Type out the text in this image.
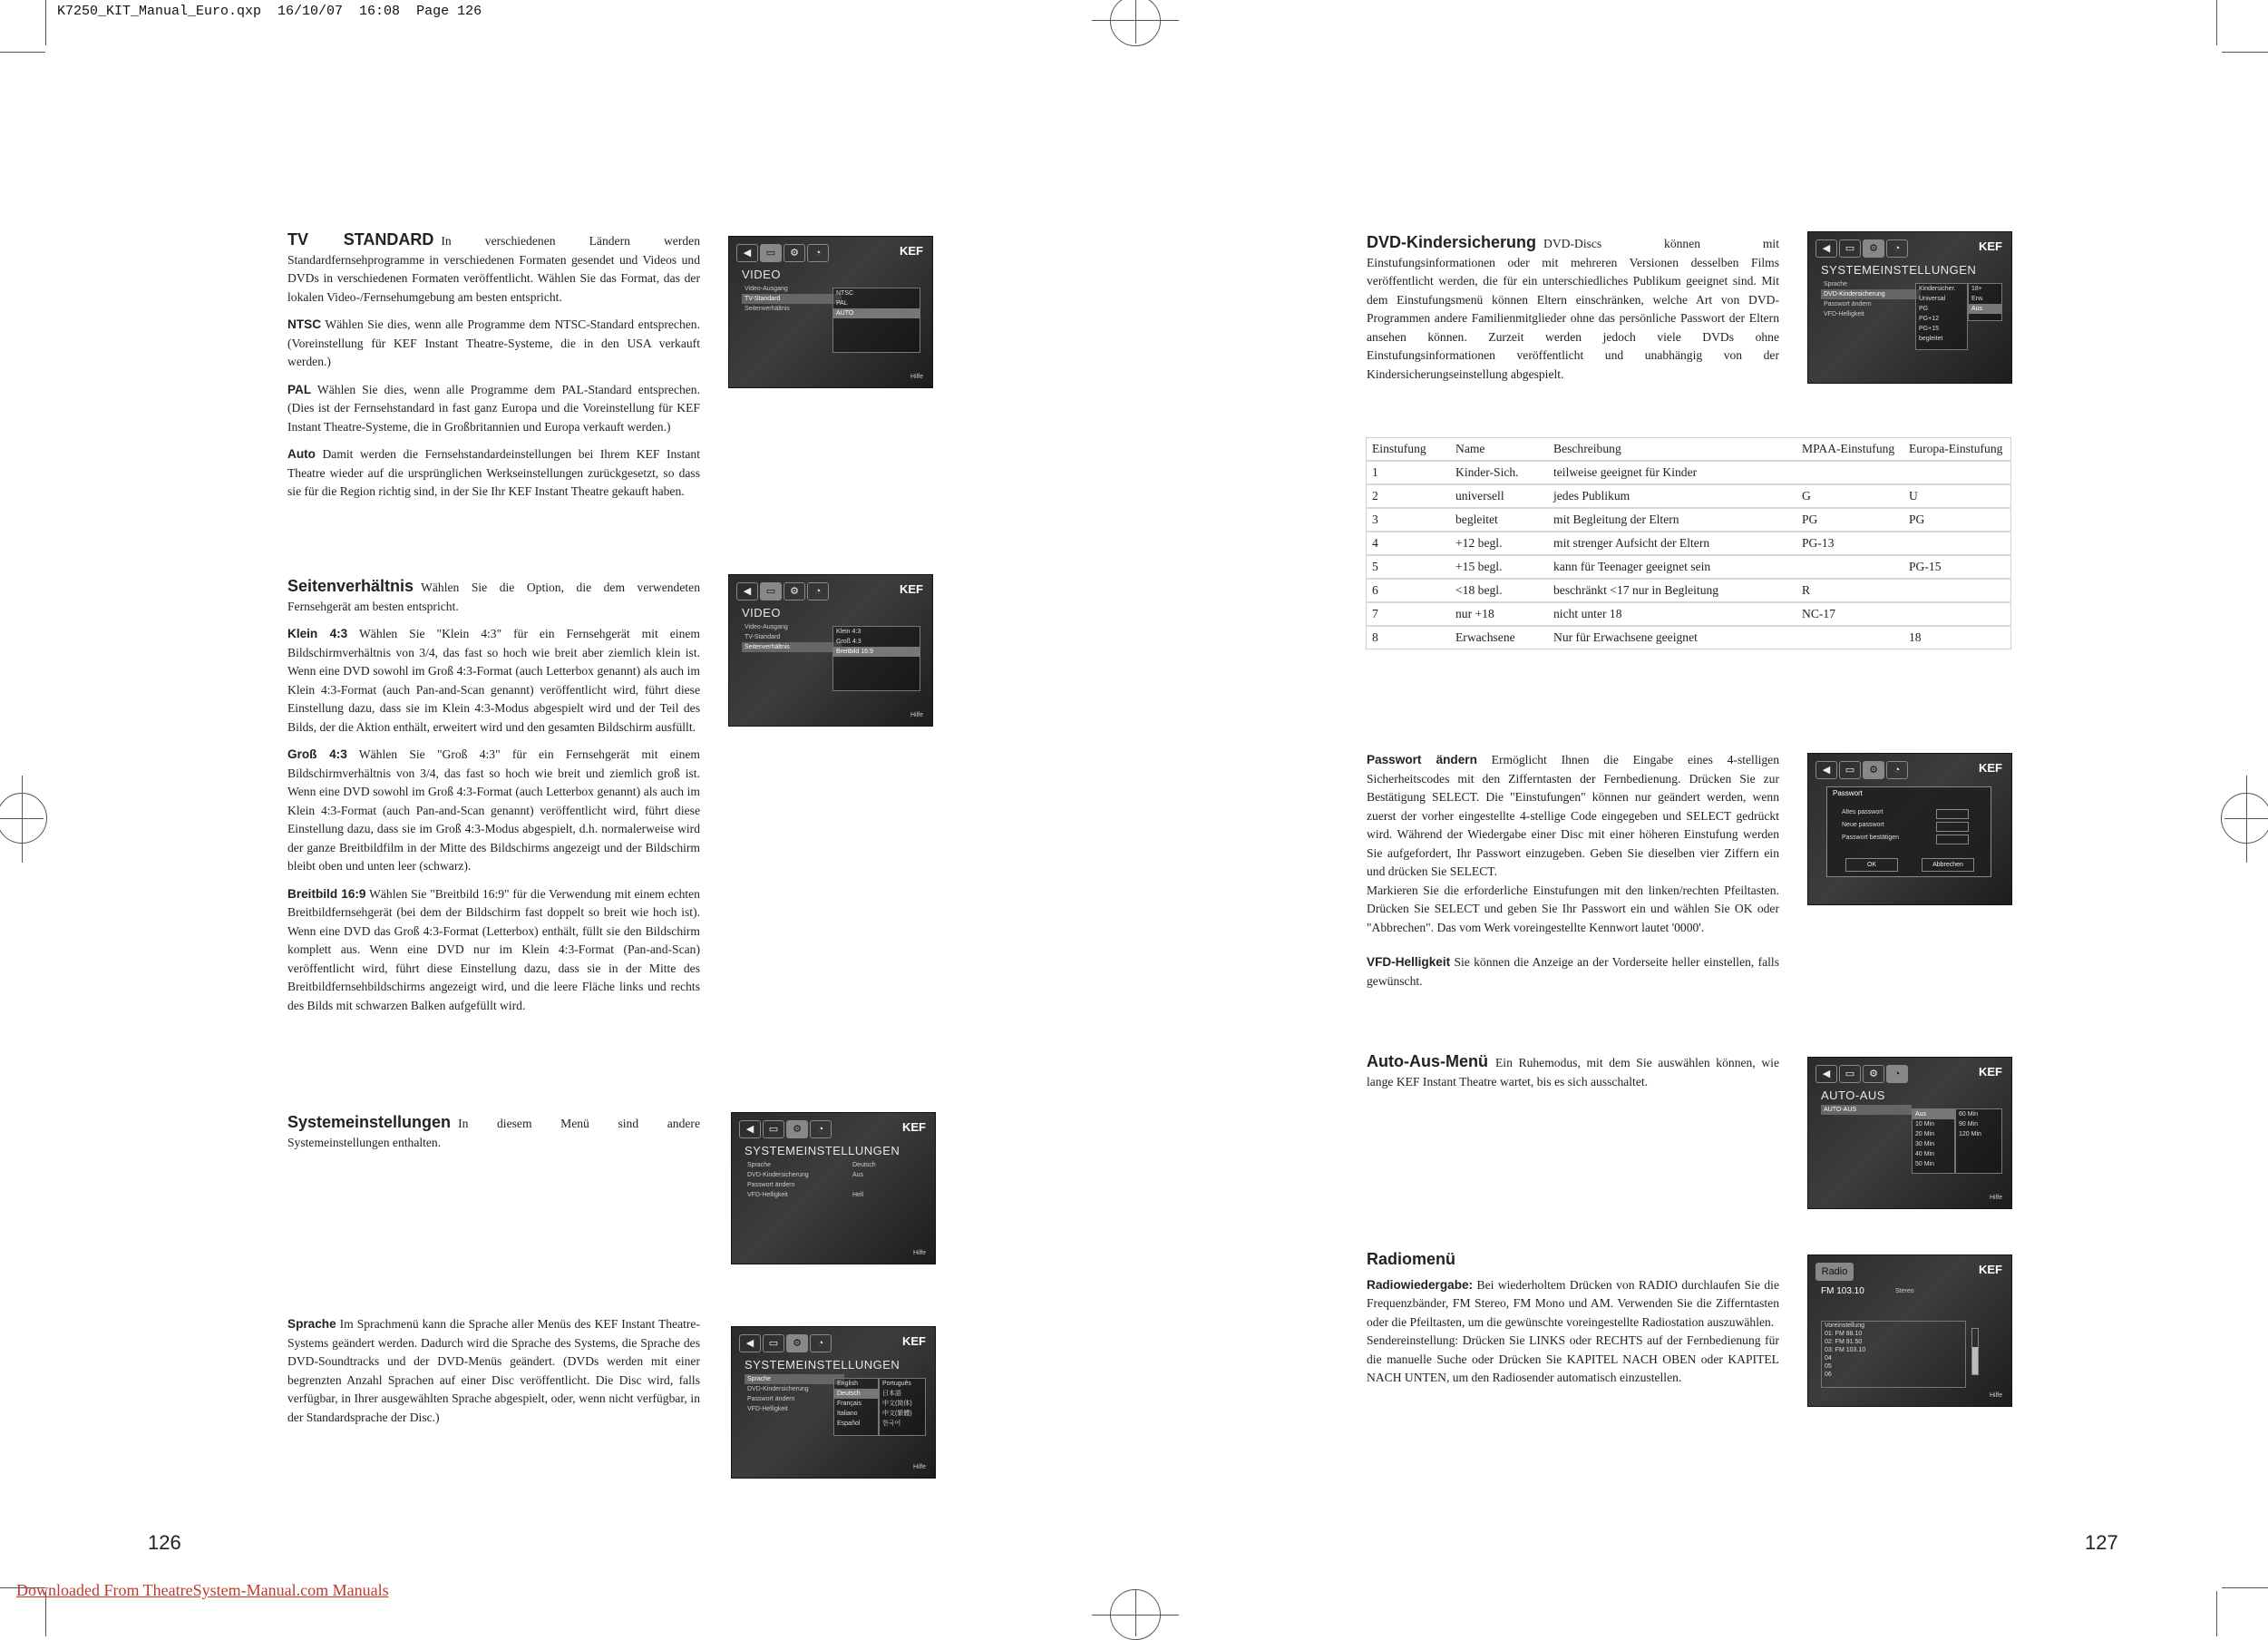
K7250_KIT_Manual_Euro.qxp  16/10/07  16:08  Page 126

TV STANDARD In verschiedenen Ländern werden Standardfernsehprogramme in verschiedenen Formaten gesendet und Videos und DVDs in verschiedenen Formaten veröffentlicht. Wählen Sie das Format, das der lokalen Video-/Fernsehumgebung am besten entspricht.

NTSC Wählen Sie dies, wenn alle Programme dem NTSC-Standard entsprechen. (Voreinstellung für KEF Instant Theatre-Systeme, die in den USA verkauft werden.)

PAL Wählen Sie dies, wenn alle Programme dem PAL-Standard entsprechen. (Dies ist der Fernsehstandard in fast ganz Europa und die Voreinstellung für KEF Instant Theatre-Systeme, die in Großbritannien und Europa verkauft werden.)

Auto Damit werden die Fernsehstandardeinstellungen bei Ihrem KEF Instant Theatre wieder auf die ursprünglichen Werkseinstellungen zurückgesetzt, so dass sie für die Region richtig sind, in der Sie Ihr KEF Instant Theatre gekauft haben.

Seitenverhältnis Wählen Sie die Option, die dem verwendeten Fernsehgerät am besten entspricht.

Klein 4:3 Wählen Sie "Klein 4:3" für ein Fernsehgerät mit einem Bildschirmverhältnis von 3/4, das fast so hoch wie breit aber ziemlich klein ist. Wenn eine DVD sowohl im Groß 4:3-Format (auch Letterbox genannt) als auch im Klein 4:3-Format (auch Pan-and-Scan genannt) veröffentlicht wird, führt diese Einstellung dazu, dass sie im Klein 4:3-Modus abgespielt wird und der Teil des Bilds, der die Aktion enthält, erweitert wird und den gesamten Bildschirm ausfüllt.

Groß 4:3 Wählen Sie "Groß 4:3" für ein Fernsehgerät mit einem Bildschirmverhältnis von 3/4, das fast so hoch wie breit und ziemlich groß ist. Wenn eine DVD sowohl im Groß 4:3-Format (auch Letterbox genannt) als auch im Klein 4:3-Format (auch Pan-and-Scan genannt) veröffentlicht wird, führt diese Einstellung dazu, dass sie im Groß 4:3-Modus abgespielt, d.h. normalerweise wird der ganze Breitbildfilm in der Mitte des Bildschirms angezeigt und der Bildschirm bleibt oben und unten leer (schwarz).

Breitbild 16:9 Wählen Sie "Breitbild 16:9" für die Verwendung mit einem echten Breitbildfernsehgerät (bei dem der Bildschirm fast doppelt so breit wie hoch ist). Wenn eine DVD das Groß 4:3-Format (Letterbox) enthält, füllt sie den Bildschirm komplett aus. Wenn eine DVD nur im Klein 4:3-Format (Pan-and-Scan) veröffentlicht wird, führt diese Einstellung dazu, dass sie in der Mitte des Breitbildfernsehbildschirms angezeigt wird, und die leere Fläche links und rechts des Bilds mit schwarzen Balken aufgefüllt wird.

Systemeinstellungen In diesem Menü sind andere Systemeinstellungen enthalten.

Sprache Im Sprachmenü kann die Sprache aller Menüs des KEF Instant Theatre-Systems geändert werden. Dadurch wird die Sprache des Systems, die Sprache des DVD-Soundtracks und der DVD-Menüs geändert. (DVDs werden mit einer begrenzten Anzahl Sprachen auf einer Disc veröffentlicht. Die Disc wird, falls verfügbar, in Ihrer ausgewählten Sprache abgespielt, oder, wenn nicht verfügbar, in der Standardsprache der Disc.)

◀	▭	⚙	◔	KEF
VIDEO
Video-Ausgang
TV-Standard
Seitenverhältnis
NTSC
PAL
AUTO
Hilfe
◀	▭	⚙	◔	KEF
VIDEO
Video-Ausgang
TV-Standard
Seitenverhältnis
Klein 4:3
Groß 4:3
Breitbild 16:9
Hilfe
◀	▭	⚙	◔	KEF
SYSTEMEINSTELLUNGEN
Sprache
DVD-Kindersicherung
Passwort ändern
VFD-Helligkeit
Deutsch
Aus

Hell
Hilfe
◀	▭	⚙	◔	KEF
SYSTEMEINSTELLUNGEN
Sprache
DVD-Kindersicherung
Passwort ändern
VFD-Helligkeit
English
Deutsch
Français
Italiano
Español
Português
日本語
中文(简体)
中文(繁體)
한국어
Hilfe
126
Downloaded From TheatreSystem-Manual.com Manuals

DVD-Kindersicherung DVD-Discs können mit Einstufungsinformationen oder mit mehreren Versionen desselben Films veröffentlicht werden, die für ein unterschiedliches Publikum geeignet sind. Mit dem Einstufungsmenü können Eltern einschränken, welche Art von DVD-Programmen andere Familienmitglieder ohne das persönliche Passwort der Eltern ansehen können. Zurzeit werden jedoch viele DVDs ohne Einstufungsinformationen veröffentlicht und unabhängig von der Kindersicherungseinstellung abgespielt.

◀	▭	⚙	◔	KEF
SYSTEMEINSTELLUNGEN
Sprache
DVD-Kindersicherung
Passwort ändern
VFD-Helligkeit
Kindersicher.
Universal
PG
PG+12
PG+15
begleitet
18+
Erw.
Aus
Einstufung	Name	Beschreibung	MPAA-Einstufung	Europa-Einstufung
1	Kinder-Sich.	teilweise geeignet für Kinder		
2	universell	jedes Publikum	G	U
3	begleitet	mit Begleitung der Eltern	PG	PG
4	+12 begl.	mit strenger Aufsicht der Eltern	PG-13	
5	+15 begl.	kann für Teenager geeignet sein		PG-15
6	<18 begl.	beschränkt <17 nur in Begleitung	R	
7	nur +18	nicht unter 18	NC-17	
8	Erwachsene	Nur für Erwachsene geeignet		18

Passwort ändern Ermöglicht Ihnen die Eingabe eines 4-stelligen Sicherheitscodes mit den Zifferntasten der Fernbedienung. Drücken Sie zur Bestätigung SELECT. Die "Einstufungen" können nur geändert werden, wenn zuerst der vorher eingestellte 4-stellige Code eingegeben und SELECT gedrückt wird. Während der Wiedergabe einer Disc mit einer höheren Einstufung werden Sie aufgefordert, Ihr Passwort einzugeben. Geben Sie dieselben vier Ziffern ein und drücken Sie SELECT.

Markieren Sie die erforderliche Einstufungen mit den linken/rechten Pfeiltasten. Drücken Sie SELECT und geben Sie Ihr Passwort ein und wählen Sie OK oder "Abbrechen". Das vom Werk voreingestellte Kennwort lautet '0000'.

VFD-Helligkeit Sie können die Anzeige an der Vorderseite heller einstellen, falls gewünscht.

◀	▭	⚙	◔	KEF
Passwort
Altes passwort
Neue passwort
Passwort bestätigen
OK	Abbrechen

Auto-Aus-Menü Ein Ruhemodus, mit dem Sie auswählen können, wie lange KEF Instant Theatre wartet, bis es sich ausschaltet.

◀	▭	⚙	◔	KEF
AUTO-AUS
AUTO-AUS
Aus
10 Min
20 Min
30 Min
40 Min
50 Min
60 Min
90 Min
120 Min
Hilfe

Radiomenü

Radiowiedergabe: Bei wiederholtem Drücken von RADIO durchlaufen Sie die Frequenzbänder, FM Stereo, FM Mono und AM. Verwenden Sie die Zifferntasten oder die Pfeiltasten, um die gewünschte voreingestellte Radiostation auszuwählen.

Sendereinstellung: Drücken Sie LINKS oder RECHTS auf der Fernbedienung für die manuelle Suche oder Drücken Sie KAPITEL NACH OBEN oder KAPITEL NACH UNTEN, um den Radiosender automatisch einzustellen.

Radio	KEF
FM 103.10	Stereo
Voreinstellung
01: FM 88.10
02: FM 91.50
03: FM 103.10
04
05
06
Hilfe
127
